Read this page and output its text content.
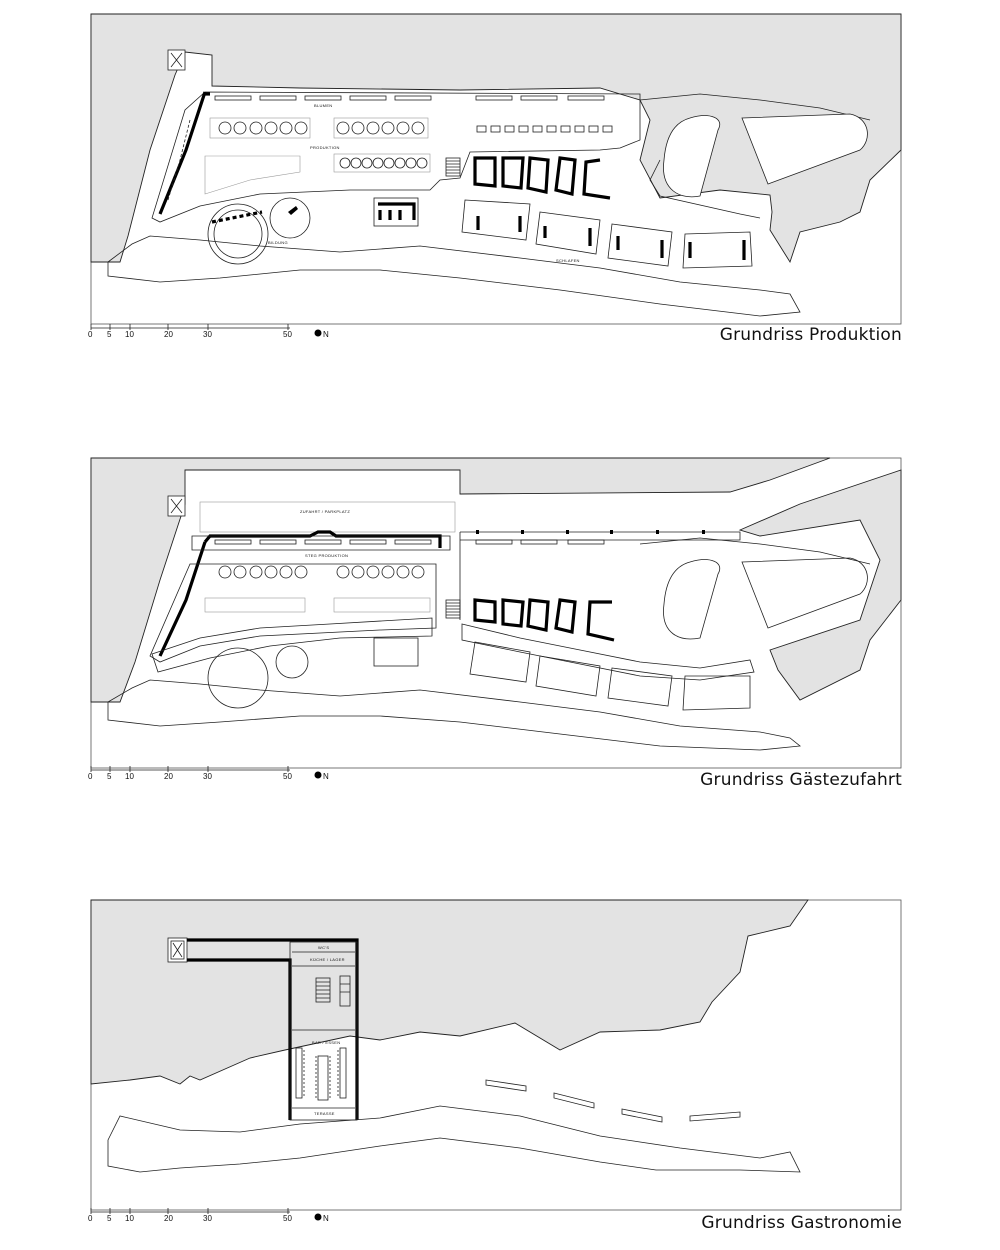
BLUMEN
PRODUKTION
BILDUNG
SCHLAFEN
0 5 10	20	30	50	N	Grundriss Produktion
ZUFAHRT / PARKPLATZ
STEG PRODUKTION
0 5 10	20	30	50	N	Grundriss Gästezufahrt
WC'S
KÜCHE / LAGER
BAR / ESSEN
TERASSE
0 5 10	20	30	50	N	Grundriss Gastronomie
